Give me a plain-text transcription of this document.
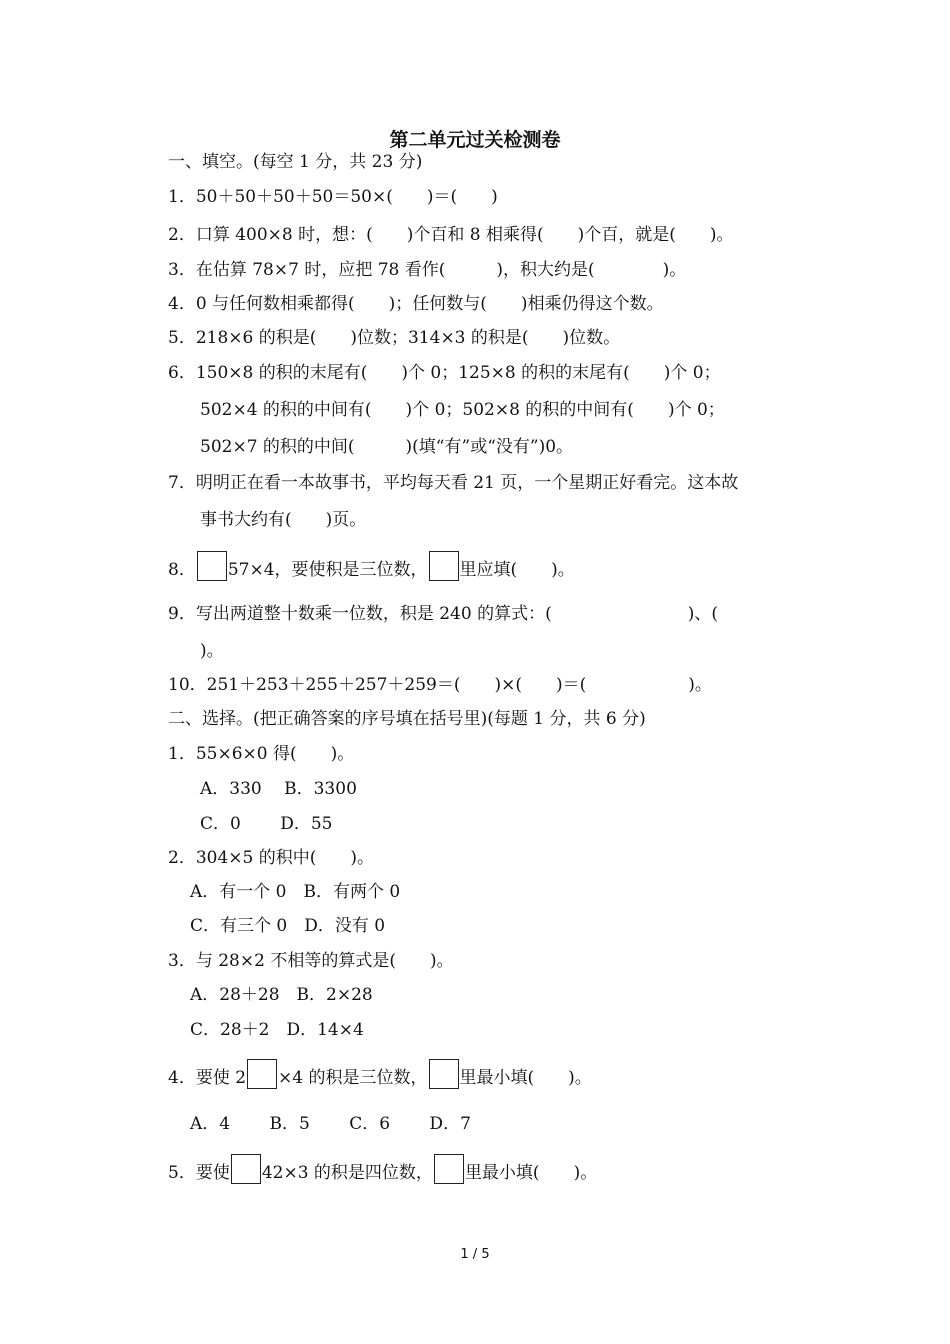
第二单元过关检测卷
一、填空。(每空 1 分，共 23 分)
1．50＋50＋50＋50＝50×(　　)＝(　　)
2．口算 400×8 时，想：(　　)个百和 8 相乘得(　　)个百，就是(　　)。
3．在估算 78×7 时，应把 78 看作(　　　)，积大约是(　　　　)。
4．0 与任何数相乘都得(　　)；任何数与(　　)相乘仍得这个数。
5．218×6 的积是(　　)位数；314×3 的积是(　　)位数。
6．150×8 的积的末尾有(　　)个 0；125×8 的积的末尾有(　　)个 0；
502×4 的积的中间有(　　)个 0；502×8 的积的中间有(　　)个 0；
502×7 的积的中间(　　　)(填“有”或“没有”)0。
7．明明正在看一本故事书，平均每天看 21 页，一个星期正好看完。这本故
事书大约有(　　)页。
8． 57×4，要使积是三位数， 里应填(　　)。
9．写出两道整十数乘一位数，积是 240 的算式：(　　　　　　　　)、(
)。
10．251＋253＋255＋257＋259＝(　　)×(　　)＝(　　　　　　)。
二、选择。(把正确答案的序号填在括号里)(每题 1 分，共 6 分)
1．55×6×0 得(　　)。
A．330　 B．3300
C．0　　 D．55
2．304×5 的积中(　　)。
A．有一个 0　B．有两个 0
C．有三个 0　D．没有 0
3．与 28×2 不相等的算式是(　　)。
A．28＋28　B．2×28
C．28＋2　D．14×4
4．要使 2 ×4 的积是三位数， 里最小填(　　)。
A．4　　 B．5　　 C．6　　 D．7
5．要使 42×3 的积是四位数， 里最小填(　　)。
1 / 5
